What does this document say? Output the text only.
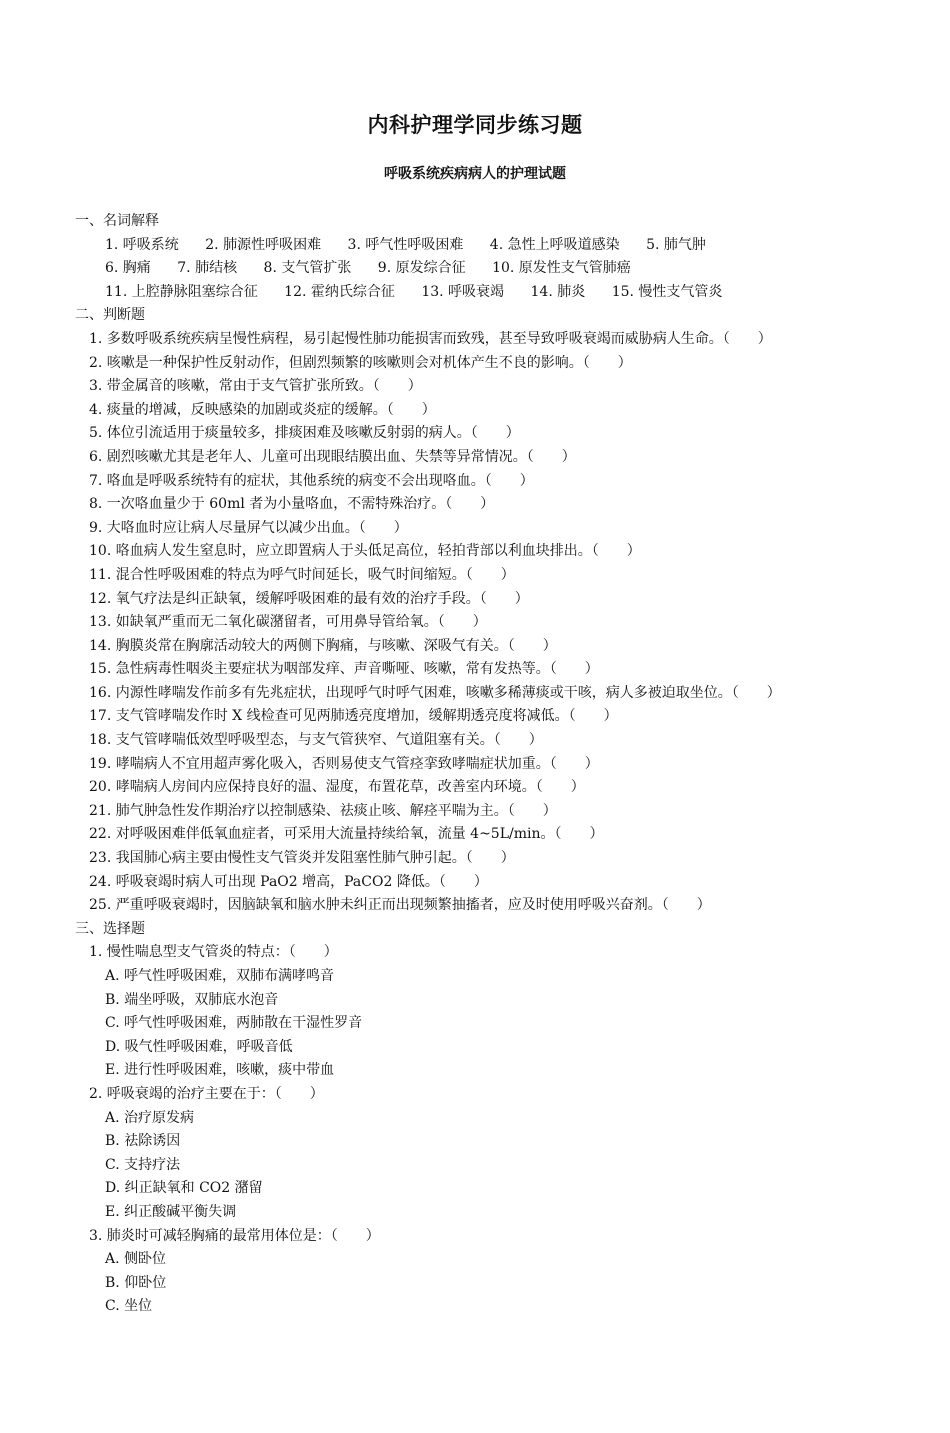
内科护理学同步练习题
呼吸系统疾病病人的护理试题
一、名词解释
1. 呼吸系统 2. 肺源性呼吸困难 3. 呼气性呼吸困难 4. 急性上呼吸道感染 5. 肺气肿
6. 胸痛 7. 肺结核 8. 支气管扩张 9. 原发综合征 10. 原发性支气管肺癌
11. 上腔静脉阻塞综合征 12. 霍纳氏综合征 13. 呼吸衰竭 14. 肺炎 15. 慢性支气管炎
二、判断题
1. 多数呼吸系统疾病呈慢性病程，易引起慢性肺功能损害而致残，甚至导致呼吸衰竭而威胁病人生命。（　　）
2. 咳嗽是一种保护性反射动作，但剧烈频繁的咳嗽则会对机体产生不良的影响。（　　）
3. 带金属音的咳嗽，常由于支气管扩张所致。（　　）
4. 痰量的增减，反映感染的加剧或炎症的缓解。（　　）
5. 体位引流适用于痰量较多，排痰困难及咳嗽反射弱的病人。（　　）
6. 剧烈咳嗽尤其是老年人、儿童可出现眼结膜出血、失禁等异常情况。（　　）
7. 咯血是呼吸系统特有的症状，其他系统的病变不会出现咯血。（　　）
8. 一次咯血量少于 60ml 者为小量咯血，不需特殊治疗。（　　）
9. 大咯血时应让病人尽量屏气以减少出血。（　　）
10. 咯血病人发生窒息时，应立即置病人于头低足高位，轻拍背部以利血块排出。（　　）
11. 混合性呼吸困难的特点为呼气时间延长，吸气时间缩短。（　　）
12. 氧气疗法是纠正缺氧，缓解呼吸困难的最有效的治疗手段。（　　）
13. 如缺氧严重而无二氧化碳潴留者，可用鼻导管给氧。（　　）
14. 胸膜炎常在胸廓活动较大的两侧下胸痛，与咳嗽、深吸气有关。（　　）
15. 急性病毒性咽炎主要症状为咽部发痒、声音嘶哑、咳嗽，常有发热等。（　　）
16. 内源性哮喘发作前多有先兆症状，出现呼气时呼气困难，咳嗽多稀薄痰或干咳，病人多被迫取坐位。（　　）
17. 支气管哮喘发作时 X 线检查可见两肺透亮度增加，缓解期透亮度将减低。（　　）
18. 支气管哮喘低效型呼吸型态，与支气管狭窄、气道阻塞有关。（　　）
19. 哮喘病人不宜用超声雾化吸入，否则易使支气管痉挛致哮喘症状加重。（　　）
20. 哮喘病人房间内应保持良好的温、湿度，布置花草，改善室内环境。（　　）
21. 肺气肿急性发作期治疗以控制感染、祛痰止咳、解痉平喘为主。（　　）
22. 对呼吸困难伴低氧血症者，可采用大流量持续给氧，流量 4~5L/min。（　　）
23. 我国肺心病主要由慢性支气管炎并发阻塞性肺气肿引起。（　　）
24. 呼吸衰竭时病人可出现 PaO2 增高，PaCO2 降低。（　　）
25. 严重呼吸衰竭时，因脑缺氧和脑水肿未纠正而出现频繁抽搐者，应及时使用呼吸兴奋剂。（　　）
三、选择题
1. 慢性喘息型支气管炎的特点：（　　）
A. 呼气性呼吸困难，双肺布满哮鸣音
B. 端坐呼吸，双肺底水泡音
C. 呼气性呼吸困难，两肺散在干湿性罗音
D. 吸气性呼吸困难，呼吸音低
E. 进行性呼吸困难，咳嗽，痰中带血
2. 呼吸衰竭的治疗主要在于：（　　）
A. 治疗原发病
B. 祛除诱因
C. 支持疗法
D. 纠正缺氧和 CO2 潴留
E. 纠正酸碱平衡失调
3. 肺炎时可减轻胸痛的最常用体位是：（　　）
A. 侧卧位
B. 仰卧位
C. 坐位
